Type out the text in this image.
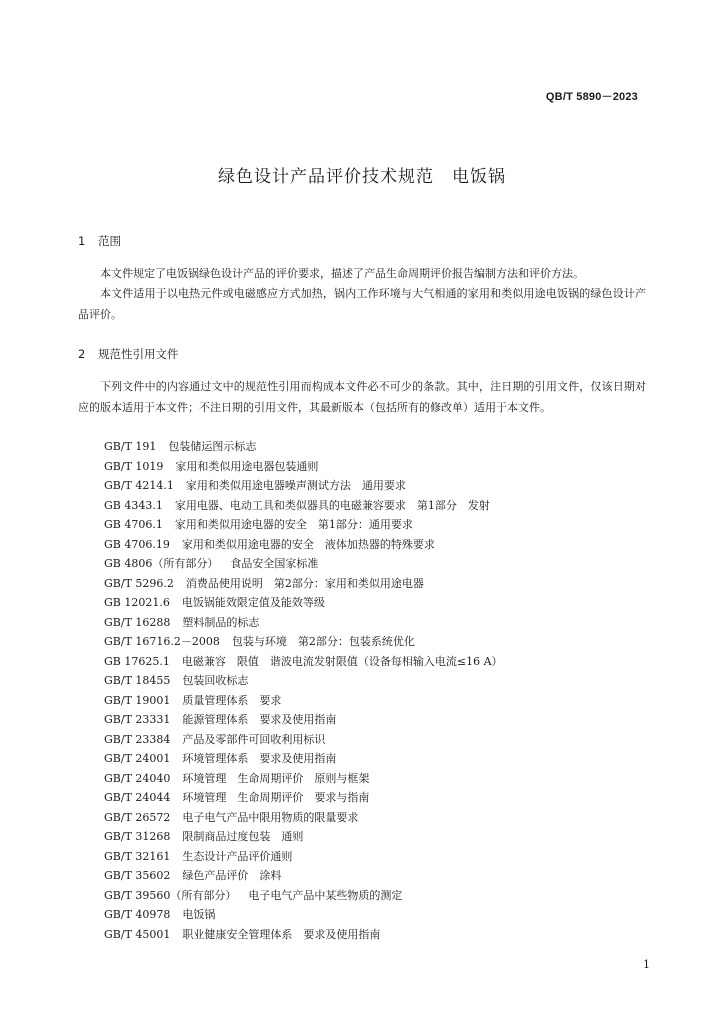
QB/T 5890－2023
绿色设计产品评价技术规范　电饭锅
1 范围
本文件规定了电饭锅绿色设计产品的评价要求，描述了产品生命周期评价报告编制方法和评价方法。
本文件适用于以电热元件或电磁感应方式加热，锅内工作环境与大气相通的家用和类似用途电饭锅的绿色设计产品评价。
2 规范性引用文件
下列文件中的内容通过文中的规范性引用而构成本文件必不可少的条款。其中，注日期的引用文件，仅该日期对应的版本适用于本文件；不注日期的引用文件，其最新版本（包括所有的修改单）适用于本文件。
GB/T 191 包装储运图示标志
GB/T 1019 家用和类似用途电器包装通则
GB/T 4214.1 家用和类似用途电器噪声测试方法　通用要求
GB 4343.1 家用电器、电动工具和类似器具的电磁兼容要求　第1部分　发射
GB 4706.1 家用和类似用途电器的安全　第1部分：通用要求
GB 4706.19 家用和类似用途电器的安全　液体加热器的特殊要求
GB 4806（所有部分） 食品安全国家标准
GB/T 5296.2 消费品使用说明　第2部分：家用和类似用途电器
GB 12021.6 电饭锅能效限定值及能效等级
GB/T 16288 塑料制品的标志
GB/T 16716.2－2008 包装与环境　第2部分：包装系统优化
GB 17625.1 电磁兼容　限值　谐波电流发射限值（设备每相输入电流≤16 A）
GB/T 18455 包装回收标志
GB/T 19001 质量管理体系　要求
GB/T 23331 能源管理体系　要求及使用指南
GB/T 23384 产品及零部件可回收利用标识
GB/T 24001 环境管理体系　要求及使用指南
GB/T 24040 环境管理　生命周期评价　原则与框架
GB/T 24044 环境管理　生命周期评价　要求与指南
GB/T 26572 电子电气产品中限用物质的限量要求
GB/T 31268 限制商品过度包装　通则
GB/T 32161 生态设计产品评价通则
GB/T 35602 绿色产品评价　涂料
GB/T 39560（所有部分） 电子电气产品中某些物质的测定
GB/T 40978 电饭锅
GB/T 45001 职业健康安全管理体系　要求及使用指南
1
